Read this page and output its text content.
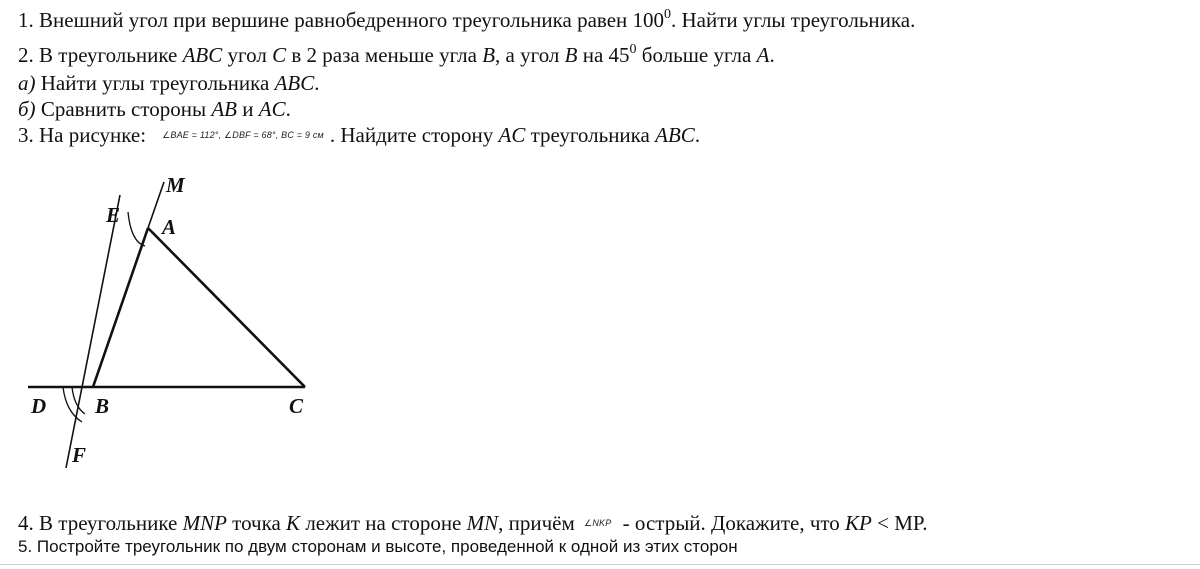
1. Внешний угол при вершине равнобедренного треугольника равен $100^0$. Найти углы треугольника.
2. В треугольнике ABC угол C в 2 раза меньше угла B, а угол B на $45^0$ больше угла A.
а) Найти углы треугольника ABC.
б) Сравнить стороны AB и AC.
3. На рисунке: ∠BAE = 112°, ∠DBF = 68°, BC = 9 см . Найдите сторону AC треугольника ABC.
M
E A
D B	C
F
4. В треугольнике MNP точка K лежит на стороне MN, причём ∠NKP - острый. Докажите, что KP < MP.
5. Постройте треугольник по двум сторонам и высоте, проведенной к одной из этих сторон
